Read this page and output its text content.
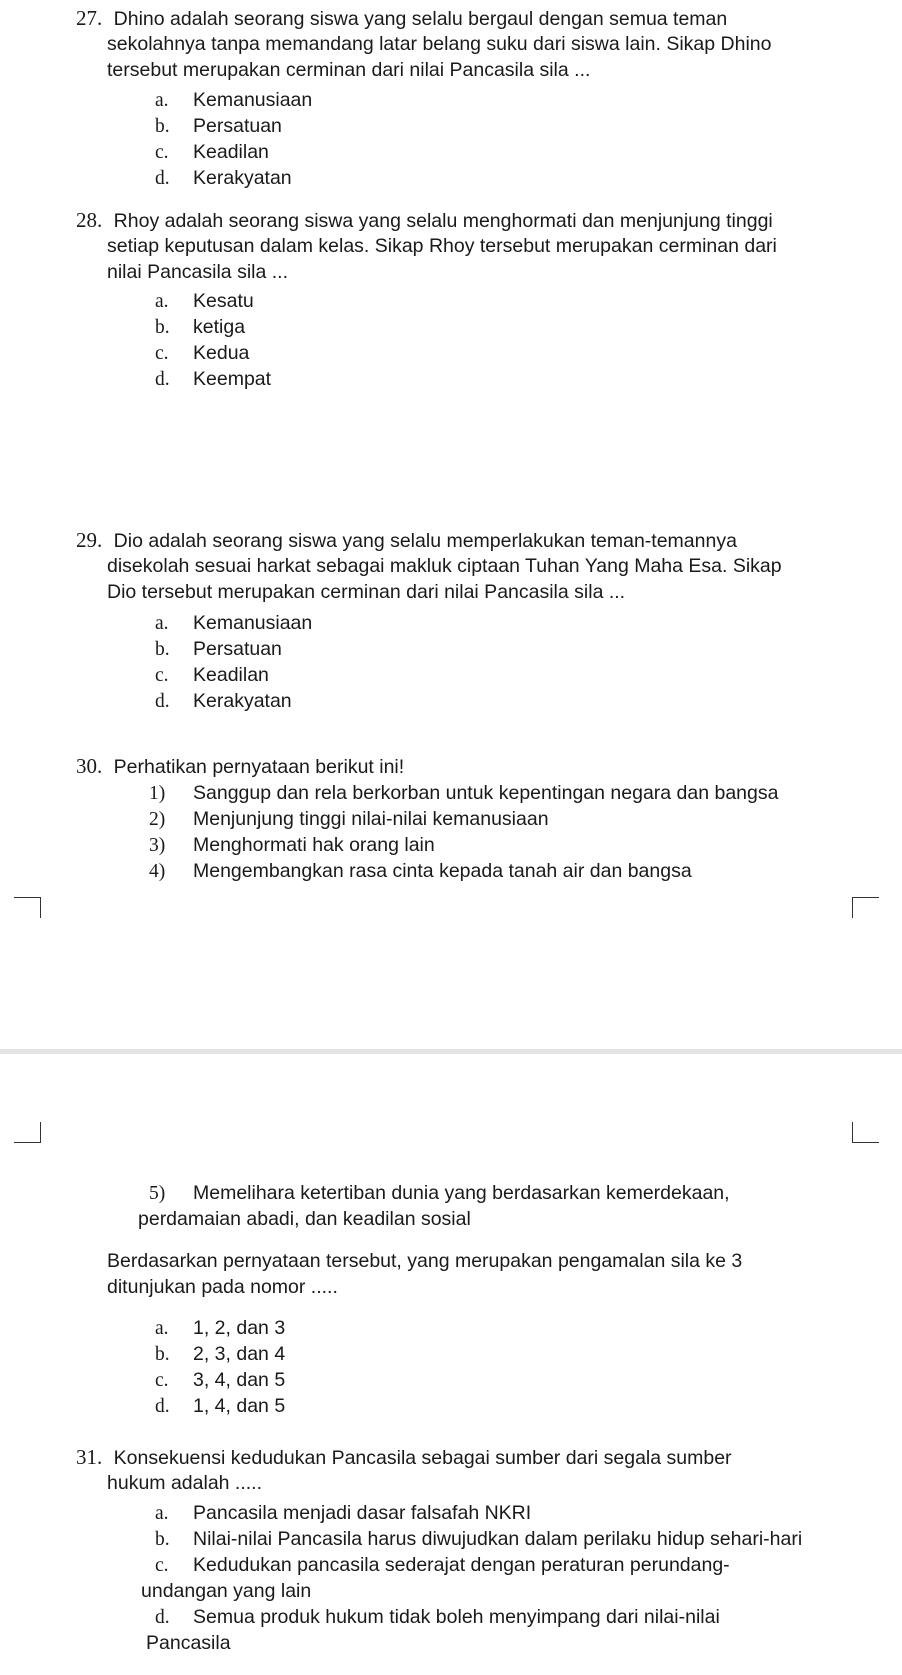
27. Dhino adalah seorang siswa yang selalu bergaul dengan semua teman
sekolahnya tanpa memandang latar belang suku dari siswa lain. Sikap Dhino
tersebut merupakan cerminan dari nilai Pancasila sila ...
a. Kemanusiaan
b. Persatuan
c. Keadilan
d. Kerakyatan
28. Rhoy adalah seorang siswa yang selalu menghormati dan menjunjung tinggi
setiap keputusan dalam kelas. Sikap Rhoy tersebut merupakan cerminan dari
nilai Pancasila sila ...
a. Kesatu
b. ketiga
c. Kedua
d. Keempat
29. Dio adalah seorang siswa yang selalu memperlakukan teman-temannya
disekolah sesuai harkat sebagai makluk ciptaan Tuhan Yang Maha Esa. Sikap
Dio tersebut merupakan cerminan dari nilai Pancasila sila ...
a. Kemanusiaan
b. Persatuan
c. Keadilan
d. Kerakyatan
30. Perhatikan pernyataan berikut ini!
1) Sanggup dan rela berkorban untuk kepentingan negara dan bangsa
2) Menjunjung tinggi nilai-nilai kemanusiaan
3) Menghormati hak orang lain
4) Mengembangkan rasa cinta kepada tanah air dan bangsa
5) Memelihara ketertiban dunia yang berdasarkan kemerdekaan,
perdamaian abadi, dan keadilan sosial
Berdasarkan pernyataan tersebut, yang merupakan pengamalan sila ke 3
ditunjukan pada nomor .....
a. 1, 2, dan 3
b. 2, 3, dan 4
c. 3, 4, dan 5
d. 1, 4, dan 5
31. Konsekuensi kedudukan Pancasila sebagai sumber dari segala sumber
hukum adalah .....
a. Pancasila menjadi dasar falsafah NKRI
b. Nilai-nilai Pancasila harus diwujudkan dalam perilaku hidup sehari-hari
c. Kedudukan pancasila sederajat dengan peraturan perundang-
undangan yang lain
d. Semua produk hukum tidak boleh menyimpang dari nilai-nilai
Pancasila
